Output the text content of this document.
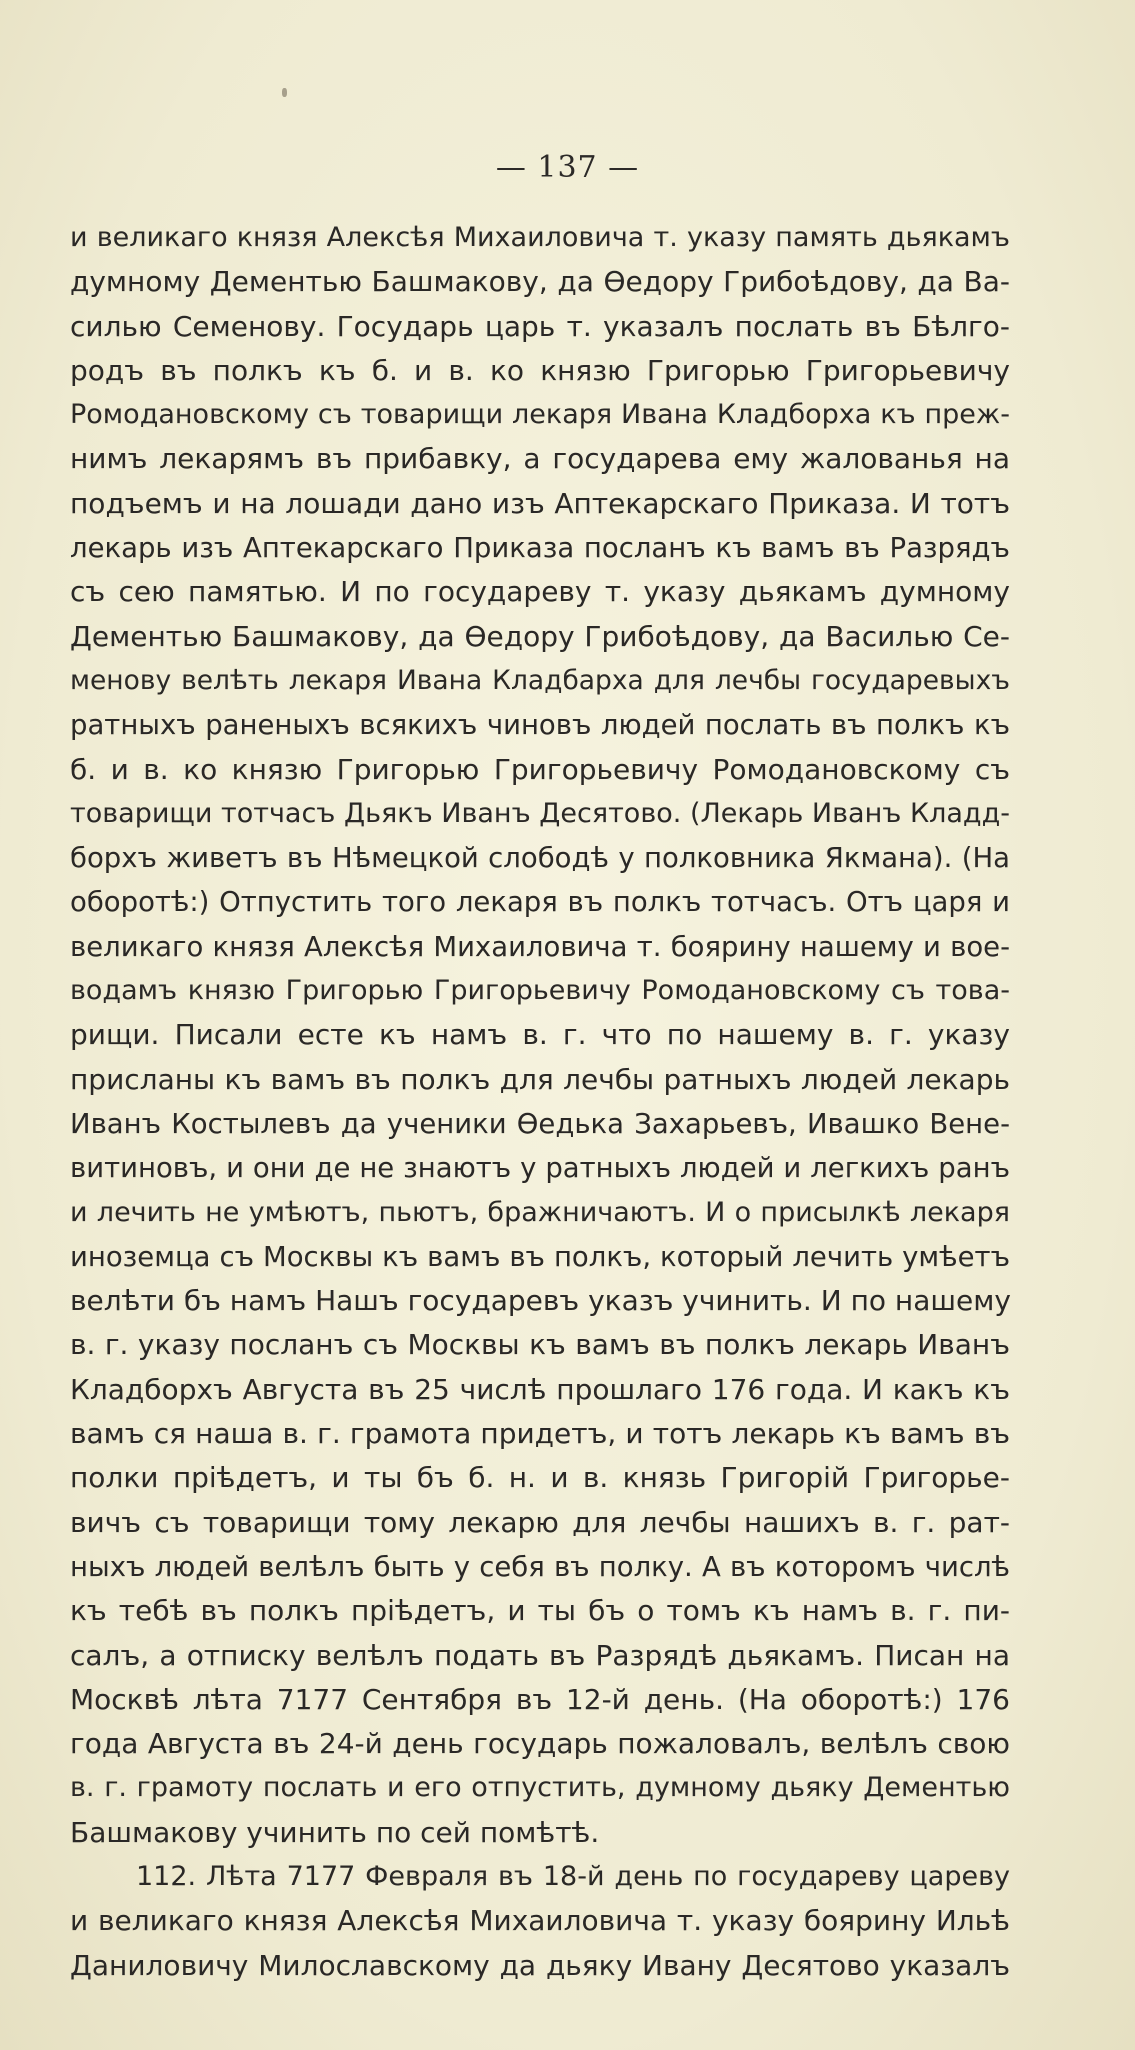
— 137 —
и великаго князя Алексѣя Михаиловича т. указу память дьякамъ
думному Дементью Башмакову, да Ѳедору Грибоѣдову, да Ва-
силью Семенову. Государь царь т. указалъ послать въ Бѣлго-
родъ въ полкъ къ б. и в. ко князю Григорью Григорьевичу
Ромодановскому съ товарищи лекаря Ивана Кладборха къ преж-
нимъ лекарямъ въ прибавку, а государева ему жалованья на
подъемъ и на лошади дано изъ Аптекарскаго Приказа. И тотъ
лекарь изъ Аптекарскаго Приказа посланъ къ вамъ въ Разрядъ
съ сею памятью. И по государеву т. указу дьякамъ думному
Дементью Башмакову, да Ѳедору Грибоѣдову, да Василью Се-
менову велѣть лекаря Ивана Кладбарха для лечбы государевыхъ
ратныхъ раненыхъ всякихъ чиновъ людей послать въ полкъ къ
б. и в. ко князю Григорью Григорьевичу Ромодановскому съ
товарищи тотчасъ Дьякъ Иванъ Десятово. (Лекарь Иванъ Кладд-
борхъ живетъ въ Нѣмецкой слободѣ у полковника Якмана). (На
оборотѣ:) Отпустить того лекаря въ полкъ тотчасъ. Отъ царя и
великаго князя Алексѣя Михаиловича т. боярину нашему и вое-
водамъ князю Григорью Григорьевичу Ромодановскому съ това-
рищи. Писали есте къ намъ в. г. что по нашему в. г. указу
присланы къ вамъ въ полкъ для лечбы ратныхъ людей лекарь
Иванъ Костылевъ да ученики Ѳедька Захарьевъ, Ивашко Вене-
витиновъ, и они де не знаютъ у ратныхъ людей и легкихъ ранъ
и лечить не умѣютъ, пьютъ, бражничаютъ. И о присылкѣ лекаря
иноземца съ Москвы къ вамъ въ полкъ, который лечить умѣетъ
велѣти бъ намъ Нашъ государевъ указъ учинить. И по нашему
в. г. указу посланъ съ Москвы къ вамъ въ полкъ лекарь Иванъ
Кладборхъ Августа въ 25 числѣ прошлаго 176 года. И какъ къ
вамъ ся наша в. г. грамота придетъ, и тотъ лекарь къ вамъ въ
полки пріѣдетъ, и ты бъ б. н. и в. князь Григорій Григорье-
вичъ съ товарищи тому лекарю для лечбы нашихъ в. г. рат-
ныхъ людей велѣлъ быть у себя въ полку. А въ которомъ числѣ
къ тебѣ въ полкъ пріѣдетъ, и ты бъ о томъ къ намъ в. г. пи-
салъ, а отписку велѣлъ подать въ Разрядѣ дьякамъ. Писан на
Москвѣ лѣта 7177 Сентября въ 12-й день. (На оборотѣ:) 176
года Августа въ 24-й день государь пожаловалъ, велѣлъ свою
в. г. грамоту послать и его отпустить, думному дьяку Дементью
Башмакову учинить по сей помѣтѣ.
112. Лѣта 7177 Февраля въ 18-й день по государеву цареву
и великаго князя Алексѣя Михаиловича т. указу боярину Ильѣ
Даниловичу Милославскому да дьяку Ивану Десятово указалъ
